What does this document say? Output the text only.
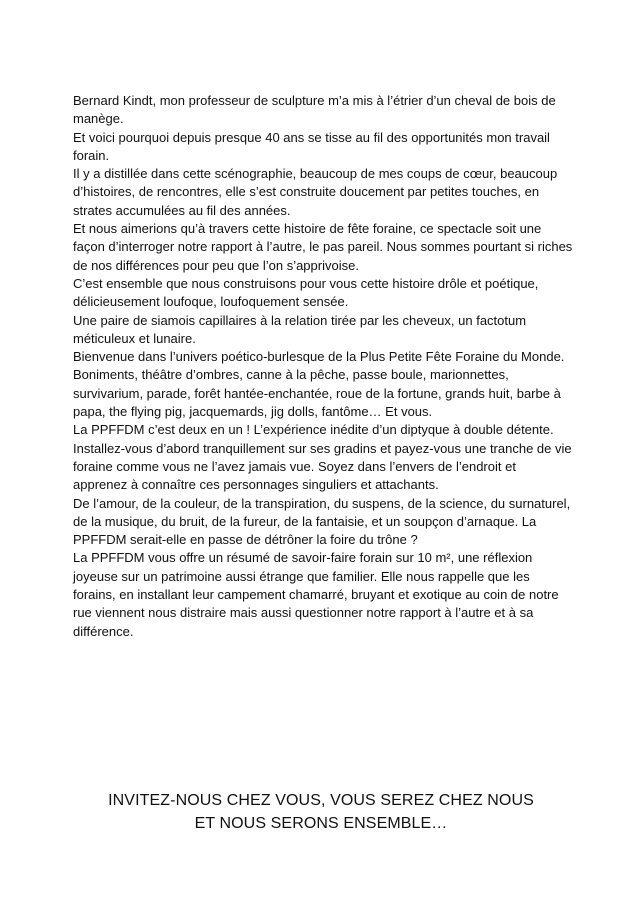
Bernard Kindt, mon professeur de sculpture m’a mis à l’étrier d’un cheval de bois de manège.

Et voici pourquoi depuis presque 40 ans se tisse au fil des opportunités mon travail forain.

Il y a distillée dans cette scénographie, beaucoup de mes coups de cœur, beaucoup d’histoires, de rencontres, elle s’est construite doucement par petites touches, en strates accumulées au fil des années.

Et nous aimerions qu’à travers cette histoire de fête foraine, ce spectacle soit une façon d’interroger notre rapport à l’autre, le pas pareil. Nous sommes pourtant si riches de nos différences pour peu que l’on s’apprivoise.

C’est ensemble que nous construisons pour vous cette histoire drôle et poétique, délicieusement loufoque, loufoquement sensée.

Une paire de siamois capillaires à la relation tirée par les cheveux, un factotum méticuleux et lunaire.

Bienvenue dans l’univers poético-burlesque de la Plus Petite Fête Foraine du Monde.

Boniments, théâtre d’ombres, canne à la pêche, passe boule, marionnettes, survivarium, parade, forêt hantée-enchantée, roue de la fortune, grands huit, barbe à papa, the flying pig, jacquemards, jig dolls, fantôme… Et vous.

La PPFFDM c’est deux en un ! L’expérience inédite d’un diptyque à double détente. Installez-vous d’abord tranquillement sur ses gradins et payez-vous une tranche de vie foraine comme vous ne l’avez jamais vue. Soyez dans l’envers de l’endroit et apprenez à connaître ces personnages singuliers et attachants.

De l’amour, de la couleur, de la transpiration, du suspens, de la science, du surnaturel, de la musique, du bruit, de la fureur, de la fantaisie, et un soupçon d’arnaque. La PPFFDM serait-elle en passe de détrôner la foire du trône ?

La PPFFDM vous offre un résumé de savoir-faire forain sur 10 m², une réflexion joyeuse sur un patrimoine aussi étrange que familier. Elle nous rappelle que les forains, en installant leur campement chamarré, bruyant et exotique au coin de notre rue viennent nous distraire mais aussi questionner notre rapport à l’autre et à sa différence.

INVITEZ-NOUS CHEZ VOUS, VOUS SEREZ CHEZ NOUS
ET NOUS SERONS ENSEMBLE…
